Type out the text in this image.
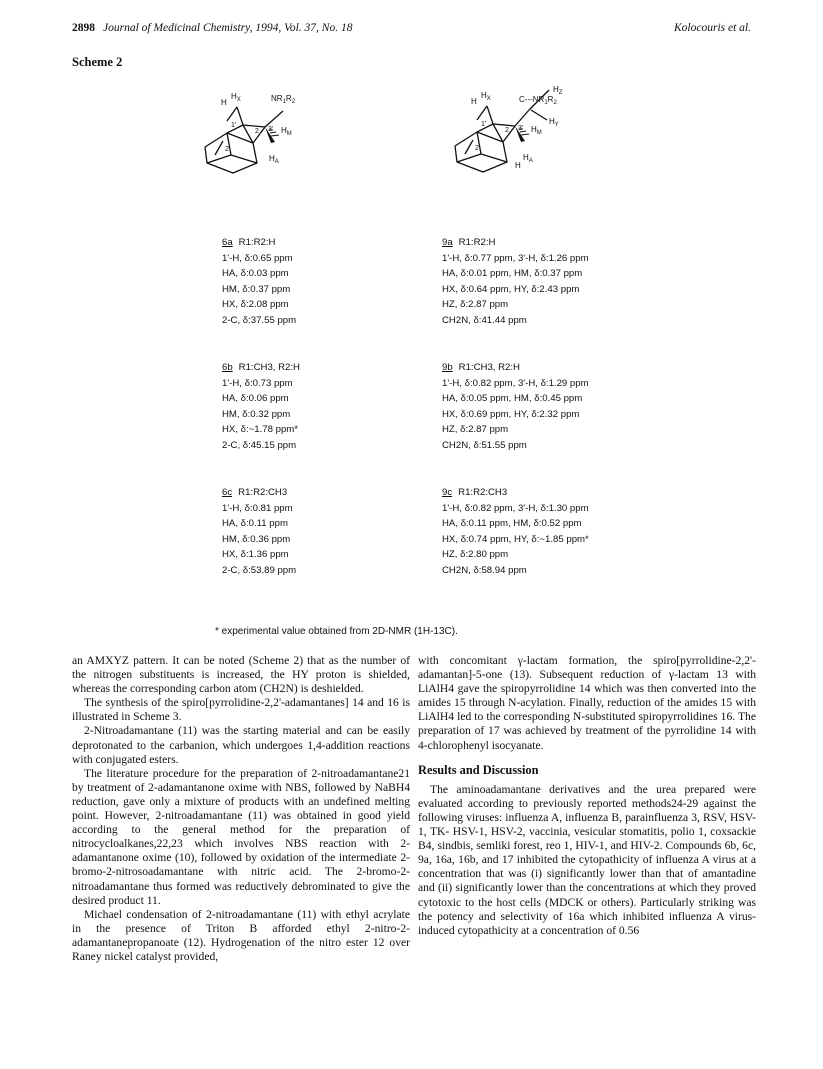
2898 Journal of Medicinal Chemistry, 1994, Vol. 37, No. 18	Kolocouris et al.
Scheme 2
H
$H_X$	$NR_1R_2$
1'
2 3'
2
$H_M$
$H_A$
$H_Z$
H
$H_X$	$C---NR_1R_2$
$H_Y$
1'
2 3'
2
$H_M$
$H_A$
H
6a R1:R2:H
1'-H, δ:0.65 ppm
HA, δ:0.03 ppm
HM, δ:0.37 ppm
HX, δ:2.08 ppm
2-C, δ:37.55 ppm
6b R1:CH3, R2:H
1'-H, δ:0.73 ppm
HA, δ:0.06 ppm
HM, δ:0.32 ppm
HX, δ:~1.78 ppm*
2-C, δ:45.15 ppm
6c R1:R2:CH3
1'-H, δ:0.81 ppm
HA, δ:0.11 ppm
HM, δ:0.36 ppm
HX, δ:1.36 ppm
2-C, δ:53.89 ppm
9a R1:R2:H
1'-H, δ:0.77 ppm, 3'-H, δ:1.26 ppm
HA, δ:0.01 ppm, HM, δ:0.37 ppm
HX, δ:0.64 ppm, HY, δ:2.43 ppm
HZ, δ:2.87 ppm
CH2N, δ:41.44 ppm
9b R1:CH3, R2:H
1'-H, δ:0.82 ppm, 3'-H, δ:1.29 ppm
HA, δ:0.05 ppm, HM, δ:0.45 ppm
HX, δ:0.69 ppm, HY, δ:2.32 ppm
HZ, δ:2.87 ppm
CH2N, δ:51.55 ppm
9c R1:R2:CH3
1'-H, δ:0.82 ppm, 3'-H, δ:1.30 ppm
HA, δ:0.11 ppm, HM, δ:0.52 ppm
HX, δ:0.74 ppm, HY, δ:~1.85 ppm*
HZ, δ:2.80 ppm
CH2N, δ:58.94 ppm
* experimental value obtained from 2D-NMR (1H-13C).

an AMXYZ pattern. It can be noted (Scheme 2) that as the number of the nitrogen substituents is increased, the HY proton is shielded, whereas the corresponding carbon atom (CH2N) is deshielded.

The synthesis of the spiro[pyrrolidine-2,2'-adamantanes] 14 and 16 is illustrated in Scheme 3.

2-Nitroadamantane (11) was the starting material and can be easily deprotonated to the carbanion, which undergoes 1,4-addition reactions with conjugated esters.

The literature procedure for the preparation of 2-nitroadamantane21 by treatment of 2-adamantanone oxime with NBS, followed by NaBH4 reduction, gave only a mixture of products with an undefined melting point. However, 2-nitroadamantane (11) was obtained in good yield according to the general method for the preparation of nitrocycloalkanes,22,23 which involves NBS reaction with 2-adamantanone oxime (10), followed by oxidation of the intermediate 2-bromo-2-nitrosoadamantane with nitric acid. The 2-bromo-2-nitroadamantane thus formed was reductively debrominated to give the desired product 11.

Michael condensation of 2-nitroadamantane (11) with ethyl acrylate in the presence of Triton B afforded ethyl 2-nitro-2-adamantanepropanoate (12). Hydrogenation of the nitro ester 12 over Raney nickel catalyst provided,

with concomitant γ-lactam formation, the spiro[pyrrolidine-2,2'-adamantan]-5-one (13). Subsequent reduction of γ-lactam 13 with LiAlH4 gave the spiropyrrolidine 14 which was then converted into the amides 15 through N-acylation. Finally, reduction of the amides 15 with LiAlH4 led to the corresponding N-substituted spiropyrrolidines 16. The preparation of 17 was achieved by treatment of the pyrrolidine 14 with 4-chlorophenyl isocyanate.

Results and Discussion

The aminoadamantane derivatives and the urea prepared were evaluated according to previously reported methods24-29 against the following viruses: influenza A, influenza B, parainfluenza 3, RSV, HSV-1, TK- HSV-1, HSV-2, vaccinia, vesicular stomatitis, polio 1, coxsackie B4, sindbis, semliki forest, reo 1, HIV-1, and HIV-2. Compounds 6b, 6c, 9a, 16a, 16b, and 17 inhibited the cytopathicity of influenza A virus at a concentration that was (i) significantly lower than that of amantadine and (ii) significantly lower than the concentrations at which they proved cytotoxic to the host cells (MDCK or others). Particularly striking was the potency and selectivity of 16a which inhibited influenza A virus-induced cytopathicity at a concentration of 0.56
